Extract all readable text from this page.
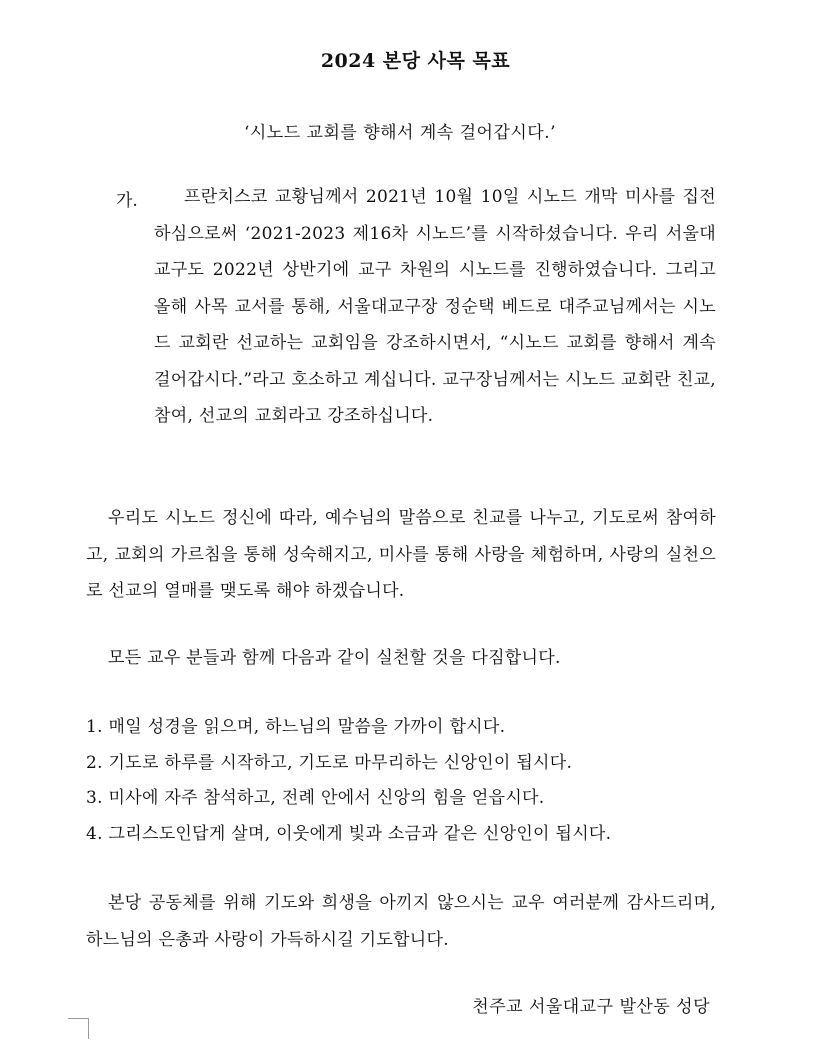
2024 본당 사목 목표
‘시노드 교회를 향해서 계속 걸어갑시다.’
가.	프란치스코 교황님께서 2021년 10월 10일 시노드 개막 미사를 집전하심으로써 ‘2021-2023 제16차 시노드’를 시작하셨습니다. 우리 서울대교구도 2022년 상반기에 교구 차원의 시노드를 진행하였습니다. 그리고 올해 사목 교서를 통해, 서울대교구장 정순택 베드로 대주교님께서는 시노드 교회란 선교하는 교회임을 강조하시면서, “시노드 교회를 향해서 계속 걸어갑시다.”라고 호소하고 계십니다. 교구장님께서는 시노드 교회란 친교, 참여, 선교의 교회라고 강조하십니다.
우리도 시노드 정신에 따라, 예수님의 말씀으로 친교를 나누고, 기도로써 참여하고, 교회의 가르침을 통해 성숙해지고, 미사를 통해 사랑을 체험하며, 사랑의 실천으로 선교의 열매를 맺도록 해야 하겠습니다.
모든 교우 분들과 함께 다음과 같이 실천할 것을 다짐합니다.
1. 매일 성경을 읽으며, 하느님의 말씀을 가까이 합시다.
2. 기도로 하루를 시작하고, 기도로 마무리하는 신앙인이 됩시다.
3. 미사에 자주 참석하고, 전례 안에서 신앙의 힘을 얻읍시다.
4. 그리스도인답게 살며, 이웃에게 빛과 소금과 같은 신앙인이 됩시다.
본당 공동체를 위해 기도와 희생을 아끼지 않으시는 교우 여러분께 감사드리며, 하느님의 은총과 사랑이 가득하시길 기도합니다.
천주교 서울대교구 발산동 성당
